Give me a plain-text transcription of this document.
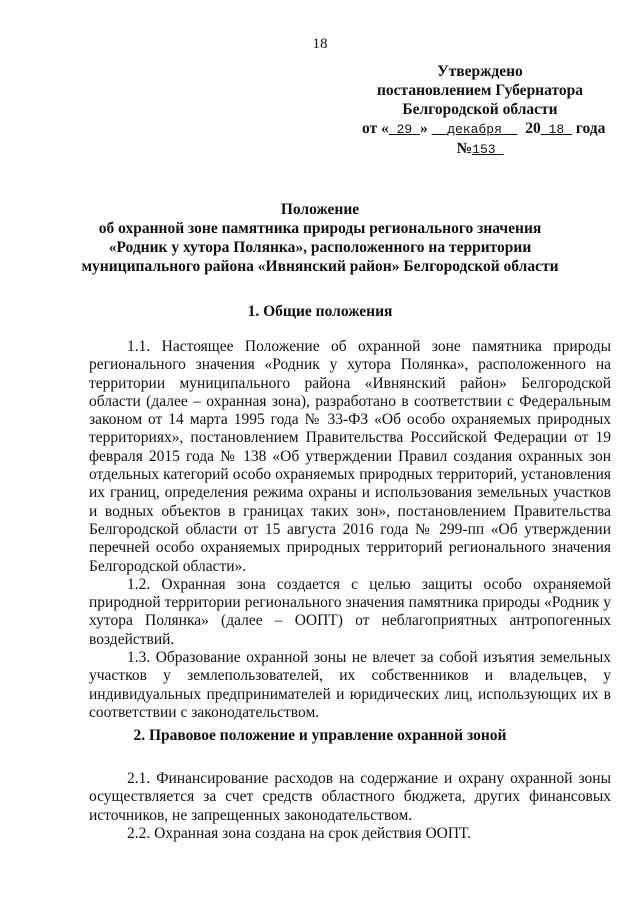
18
Утверждено
постановлением Губернатора
Белгородской области
от « 29 » декабря 20 18 года
№153
Положение
об охранной зоне памятника природы регионального значения
«Родник у хутора Полянка», расположенного на территории
муниципального района «Ивнянский район» Белгородской области
1. Общие положения

1.1. Настоящее Положение об охранной зоне памятника природы регионального значения «Родник у хутора Полянка», расположенного на территории муниципального района «Ивнянский район» Белгородской области (далее – охранная зона), разработано в соответствии с Федеральным законом от 14 марта 1995 года № 33-ФЗ «Об особо охраняемых природных территориях», постановлением Правительства Российской Федерации от 19 февраля 2015 года № 138 «Об утверждении Правил создания охранных зон отдельных категорий особо охраняемых природных территорий, установления их границ, определения режима охраны и использования земельных участков и водных объектов в границах таких зон», постановлением Правительства Белгородской области от 15 августа 2016 года № 299-пп «Об утверждении перечней особо охраняемых природных территорий регионального значения Белгородской области».

1.2. Охранная зона создается с целью защиты особо охраняемой природной территории регионального значения памятника природы «Родник у хутора Полянка» (далее – ООПТ) от неблагоприятных антропогенных воздействий.

1.3. Образование охранной зоны не влечет за собой изъятия земельных участков у землепользователей, их собственников и владельцев, у индивидуальных предпринимателей и юридических лиц, использующих их в соответствии с законодательством.

2. Правовое положение и управление охранной зоной

2.1. Финансирование расходов на содержание и охрану охранной зоны осуществляется за счет средств областного бюджета, других финансовых источников, не запрещенных законодательством.

2.2. Охранная зона создана на срок действия ООПТ.
